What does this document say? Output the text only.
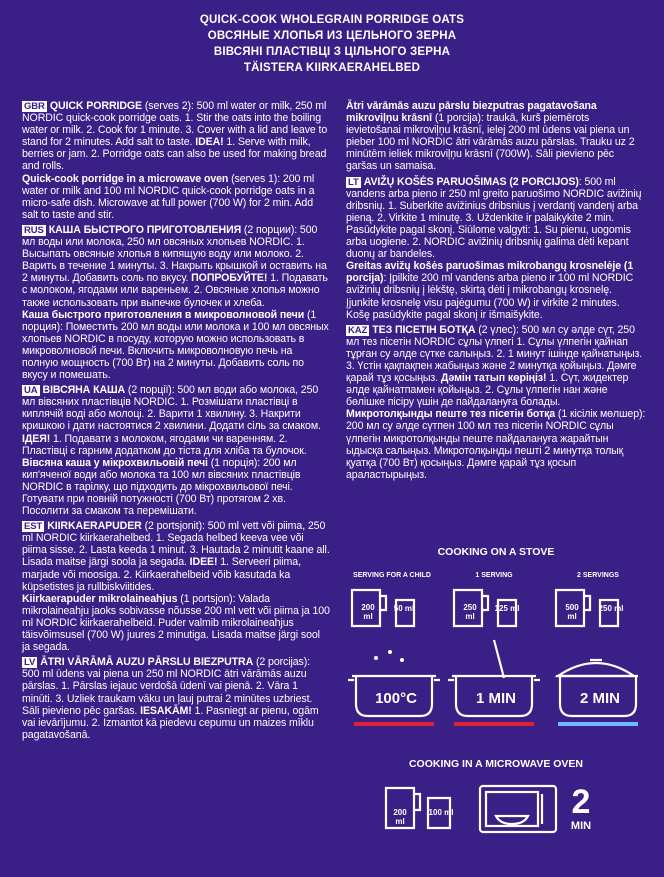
QUICK-COOK WHOLEGRAIN PORRIDGE OATS
ОВСЯНЫЕ ХЛОПЬЯ ИЗ ЦЕЛЬНОГО ЗЕРНА
ВІВСЯНІ ПЛАСТІВЦІ З ЦІЛЬНОГО ЗЕРНА
TÄISTERA KIIRKAERAHELBED

GBR QUICK PORRIDGE (serves 2): 500 ml water or milk, 250 ml NORDIC quick-cook porridge oats. 1. Stir the oats into the boiling water or milk. 2. Cook for 1 minute. 3. Cover with a lid and leave to stand for 2 minutes. Add salt to taste. IDEA! 1. Serve with milk, berries or jam. 2. Porridge oats can also be used for making bread and rolls.

Quick-cook porridge in a microwave oven (serves 1): 200 ml water or milk and 100 ml NORDIC quick-cook porridge oats in a micro-safe dish. Microwave at full power (700 W) for 2 min. Add salt to taste and stir.

RUS КАША БЫСТРОГО ПРИГОТОВЛЕНИЯ (2 порции): 500 мл воды или молока, 250 мл овсяных хлопьев NORDIC. 1. Высыпать овсяные хлопья в кипящую воду или молоко. 2. Варить в течение 1 минуты. 3. Накрыть крышкой и оставить на 2 минуты. Добавить соль по вкусу. ПОПРОБУЙТЕ! 1. Подавать с молоком, ягодами или вареньем. 2. Овсяные хлопья можно также использовать при выпечке булочек и хлеба.

Каша быстрого приготовления в микроволновой печи (1 порция): Поместить 200 мл воды или молока и 100 мл овсяных хлопьев NORDIC в посуду, которую можно использовать в микроволновой печи. Включить микроволновую печь на полную мощность (700 Вт) на 2 минуты. Добавить соль по вкусу и помешать.

UA ВІВСЯНА КАША (2 порції): 500 мл води або молока, 250 мл вівсяних пластівців NORDIC. 1. Розмішати пластівці в киплячій воді або молоці. 2. Варити 1 хвилину. 3. Накрити кришкою і дати настоятися 2 хвилини. Додати сіль за смаком. ІДЕЯ! 1. Подавати з молоком, ягодами чи варенням. 2. Пластівці є гарним додатком до тіста для хліба та булочок.

Вівсяна каша у мікрохвильовій печі (1 порція): 200 мл кип'яченої води або молока та 100 мл вівсяних пластівців NORDIC в тарілку, що підходить до мікрохвильової печі. Готувати при повній потужності (700 Вт) протягом 2 хв. Посолити за смаком та перемішати.

EST KIIRKAERAPUDER (2 portsjonit): 500 ml vett või piima, 250 ml NORDIC kiirkaerahelbed. 1. Segada helbed keeva vee või piima sisse. 2. Lasta keeda 1 minut. 3. Hautada 2 minutit kaane all. Lisada maitse järgi soola ja segada. IDEE! 1. Serveeri piima, marjade või moosiga. 2. Kiirkaerahelbeid võib kasutada ka küpsetistes ja rullbiskviitides.

Kiirkaerapuder mikrolaineahjus (1 portsjon): Valada mikrolaineahju jaoks sobivasse nõusse 200 ml vett või piima ja 100 ml NORDIC kiirkaerahelbeid. Puder valmib mikrolaineahjus täisvõimsusel (700 W) juures 2 minutiga. Lisada maitse järgi sool ja segada.

LV ĀTRI VĀRĀMĀ AUZU PĀRSLU BIEZPUTRA (2 porcijas): 500 ml ūdens vai piena un 250 ml NORDIC ātri vārāmās auzu pārslas. 1. Pārslas iejauc verdošā ūdenī vai pienā. 2. Vāra 1 minūti. 3. Uzliek traukam vāku un ļauj putrai 2 minūtes uzbriest. Sāli pievieno pēc garšas. IESAKĀM! 1. Pasniegt ar pienu, ogām vai ievārījumu. 2. Izmantot kā piedevu cepumu un maizes mīklu pagatavošanā.

Ātri vārāmās auzu pārslu biezputras pagatavošana mikroviļņu krāsnī (1 porcija): traukā, kurš piemērots ievietošanai mikroviļņu krāsnī, ielej 200 ml ūdens vai piena un pieber 100 ml NORDIC ātri vārāmās auzu pārslas. Trauku uz 2 minūtēm ieliek mikroviļņu krāsnī (700W). Sāli pievieno pēc garšas un samaisa.

LT AVIŽŲ KOŠĖS PARUOŠIMAS (2 PORCIJOS): 500 ml vandens arba pieno ir 250 ml greito paruošimo NORDIC avižinių dribsnių. 1. Suberkite avižinius dribsnius į verdantį vandenį arba pieną. 2. Virkite 1 minutę. 3. Uždenkite ir palaikykite 2 min. Pasūdykite pagal skonį. Siūlome valgyti: 1. Su pienu, uogomis arba uogiene. 2. NORDIC avižinių dribsnių galima dėti kepant duonų ar bandeles.

Greitas avižų košės paruošimas mikrobangų krosnelėje (1 porcija): Įpilkite 200 ml vandens arba pieno ir 100 ml NORDIC avižinių dribsnių į lėkštę, skirtą dėti į mikrobangų krosnelę. Įjunkite krosnelę visu pajėgumu (700 W) ir virkite 2 minutes. Košę pasūdykite pagal skonį ir išmaišykite.

KAZ ТЕЗ ПІСЕТІН БОТҚА (2 үлес): 500 мл су әлде сүт, 250 мл тез пісетін NORDIC сұлы үлпегі 1. Сұлы үлпегін қайнап тұрған су әлде сүтке салыңыз. 2. 1 минут ішінде қайнатыңыз. 3. Үстін қақпақпен жабыңыз және 2 минутқа қойыңыз. Дәмге қарай тұз қосыңыз. Дәмін татып көріңіз! 1. Сүт, жидектер әлде қайнатпамен қойыңыз. 2. Сұлы үлпегін нан және бөлішке пісіру үшін де пайдалануға болады.

Микротолқынды пеште тез пісетін ботқа (1 кісілік мөлшер): 200 мл су әлде сүтпен 100 мл тез пісетін NORDIC сұлы үлпегін микротолқынды пеште пайдалануға жарайтын ыдысқа салыңыз. Микротолқынды пешті 2 минутқа толық қуатқа (700 Вт) қосыңыз. Дәмге қарай тұз қосып араластырыңыз.

COOKING ON A STOVE
SERVING FOR A CHILD	1 SERVING	2 SERVINGS
200
ml
50 ml	250
ml
125 ml	500
ml
250 ml
100°C	1 MIN	2 MIN
COOKING IN A MICROWAVE OVEN
200
ml
100 ml	2
MIN
